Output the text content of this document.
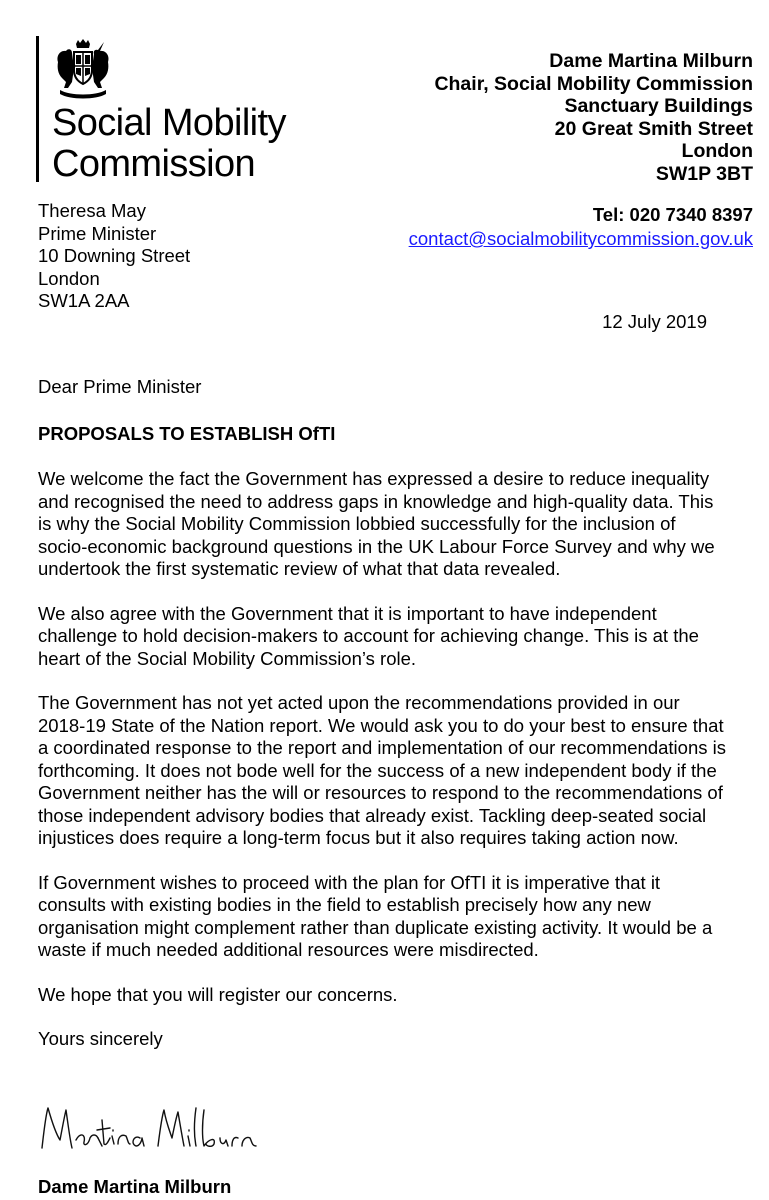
Social Mobility
Commission
Dame Martina Milburn
Chair, Social Mobility Commission
Sanctuary Buildings
20 Great Smith Street
London
SW1P 3BT
Tel: 020 7340 8397
contact@socialmobilitycommission.gov.uk
Theresa May
Prime Minister
10 Downing Street
London
SW1A 2AA
12 July 2019
Dear Prime Minister
PROPOSALS TO ESTABLISH OfTI

We welcome the fact the Government has expressed a desire to reduce inequality and recognised the need to address gaps in knowledge and high-quality data. This is why the Social Mobility Commission lobbied successfully for the inclusion of socio-economic background questions in the UK Labour Force Survey and why we undertook the first systematic review of what that data revealed.

We also agree with the Government that it is important to have independent challenge to hold decision-makers to account for achieving change. This is at the heart of the Social Mobility Commission’s role.

The Government has not yet acted upon the recommendations provided in our 2018-19 State of the Nation report. We would ask you to do your best to ensure that a coordinated response to the report and implementation of our recommendations is forthcoming. It does not bode well for the success of a new independent body if the Government neither has the will or resources to respond to the recommendations of those independent advisory bodies that already exist. Tackling deep-seated social injustices does require a long-term focus but it also requires taking action now.

If Government wishes to proceed with the plan for OfTI it is imperative that it consults with existing bodies in the field to establish precisely how any new organisation might complement rather than duplicate existing activity. It would be a waste if much needed additional resources were misdirected.

We hope that you will register our concerns.

Yours sincerely

Dame Martina Milburn
